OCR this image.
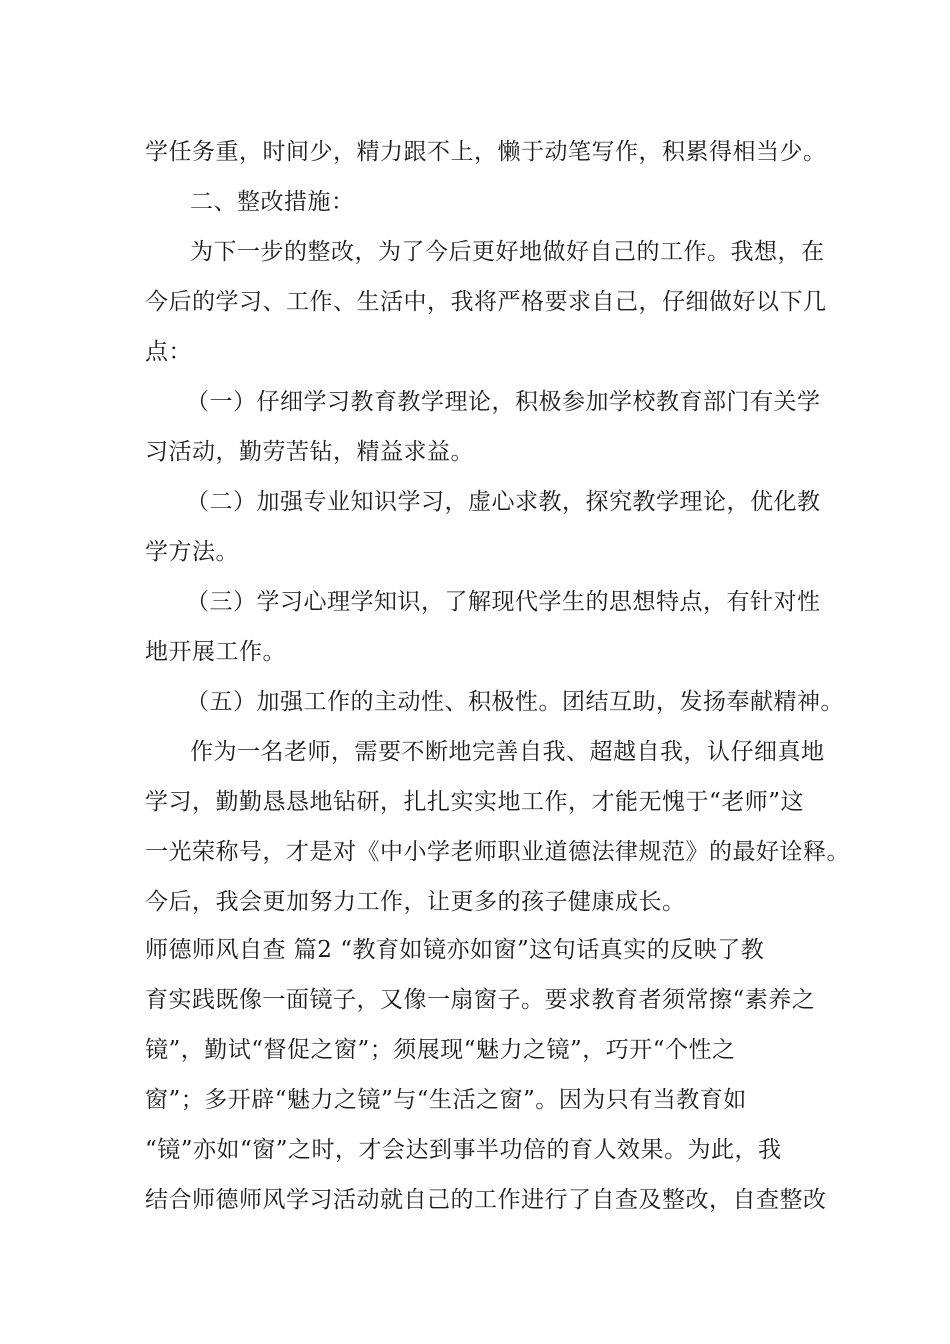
学任务重，时间少，精力跟不上，懒于动笔写作，积累得相当少。
二、整改措施：
为下一步的整改，为了今后更好地做好自己的工作。我想，在
今后的学习、工作、生活中，我将严格要求自己，仔细做好以下几
点：
（一）仔细学习教育教学理论，积极参加学校教育部门有关学
习活动，勤劳苦钻，精益求益。
（二）加强专业知识学习，虚心求教，探究教学理论，优化教
学方法。
（三）学习心理学知识，了解现代学生的思想特点，有针对性
地开展工作。
（五）加强工作的主动性、积极性。团结互助，发扬奉献精神。
作为一名老师，需要不断地完善自我、超越自我，认仔细真地
学习，勤勤恳恳地钻研，扎扎实实地工作，才能无愧于“老师”这
一光荣称号，才是对《中小学老师职业道德法律规范》的最好诠释。
今后，我会更加努力工作，让更多的孩子健康成长。
师德师风自查 篇2 “教育如镜亦如窗”这句话真实的反映了教
育实践既像一面镜子，又像一扇窗子。要求教育者须常擦“素养之
镜”，勤试“督促之窗”；须展现“魅力之镜”，巧开“个性之
窗”；多开辟“魅力之镜”与“生活之窗”。因为只有当教育如
“镜”亦如“窗”之时，才会达到事半功倍的育人效果。为此，我
结合师德师风学习活动就自己的工作进行了自查及整改，自查整改
